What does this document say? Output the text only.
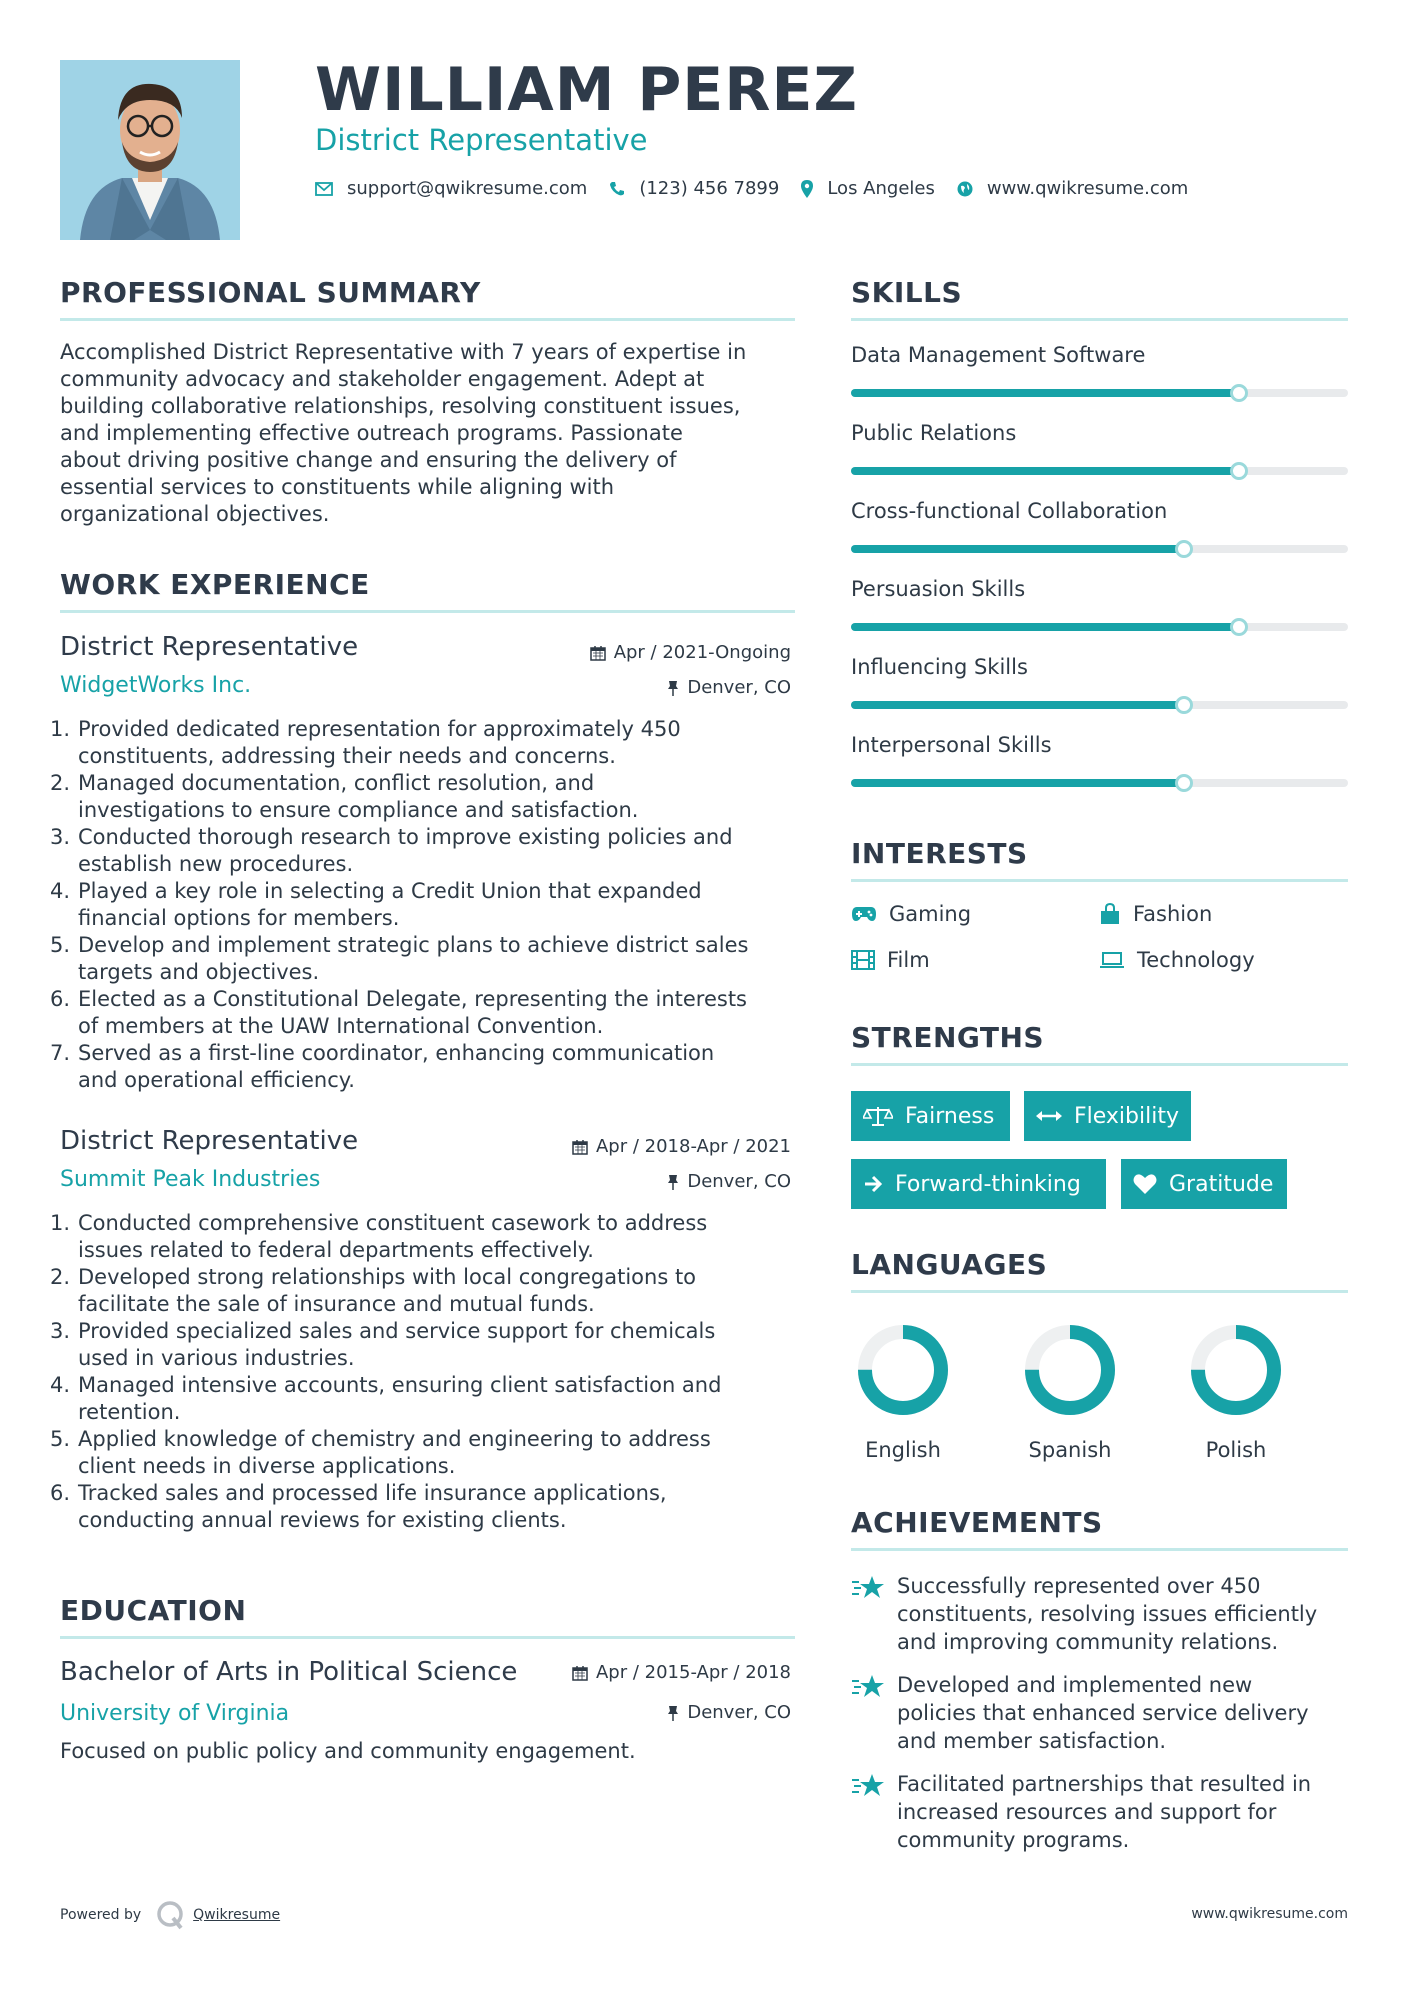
WILLIAM PEREZ
District Representative
support@qwikresume.com	(123) 456 7899	Los Angeles	www.qwikresume.com
PROFESSIONAL SUMMARY
Accomplished District Representative with 7 years of expertise in
community advocacy and stakeholder engagement. Adept at
building collaborative relationships, resolving constituent issues,
and implementing effective outreach programs. Passionate
about driving positive change and ensuring the delivery of
essential services to constituents while aligning with
organizational objectives.
WORK EXPERIENCE
District Representative	Apr / 2021-Ongoing
WidgetWorks Inc.	Denver, CO
1. Provided dedicated representation for approximately 450
constituents, addressing their needs and concerns.
2. Managed documentation, conflict resolution, and
investigations to ensure compliance and satisfaction.
3. Conducted thorough research to improve existing policies and
establish new procedures.
4. Played a key role in selecting a Credit Union that expanded
financial options for members.
5. Develop and implement strategic plans to achieve district sales
targets and objectives.
6. Elected as a Constitutional Delegate, representing the interests
of members at the UAW International Convention.
7. Served as a first-line coordinator, enhancing communication
and operational efficiency.
District Representative	Apr / 2018-Apr / 2021
Summit Peak Industries	Denver, CO
1. Conducted comprehensive constituent casework to address
issues related to federal departments effectively.
2. Developed strong relationships with local congregations to
facilitate the sale of insurance and mutual funds.
3. Provided specialized sales and service support for chemicals
used in various industries.
4. Managed intensive accounts, ensuring client satisfaction and
retention.
5. Applied knowledge of chemistry and engineering to address
client needs in diverse applications.
6. Tracked sales and processed life insurance applications,
conducting annual reviews for existing clients.
EDUCATION
Bachelor of Arts in Political Science	Apr / 2015-Apr / 2018
University of Virginia	Denver, CO
Focused on public policy and community engagement.
SKILLS
Data Management Software
Public Relations
Cross-functional Collaboration
Persuasion Skills
Influencing Skills
Interpersonal Skills
INTERESTS
Gaming	Fashion
Film	Technology
STRENGTHS
Fairness	Flexibility
Forward-thinking	Gratitude
LANGUAGES
English	Spanish	Polish
ACHIEVEMENTS
Successfully represented over 450
constituents, resolving issues efficiently
and improving community relations.
Developed and implemented new
policies that enhanced service delivery
and member satisfaction.
Facilitated partnerships that resulted in
increased resources and support for
community programs.
Powered by	Qwikresume	www.qwikresume.com
